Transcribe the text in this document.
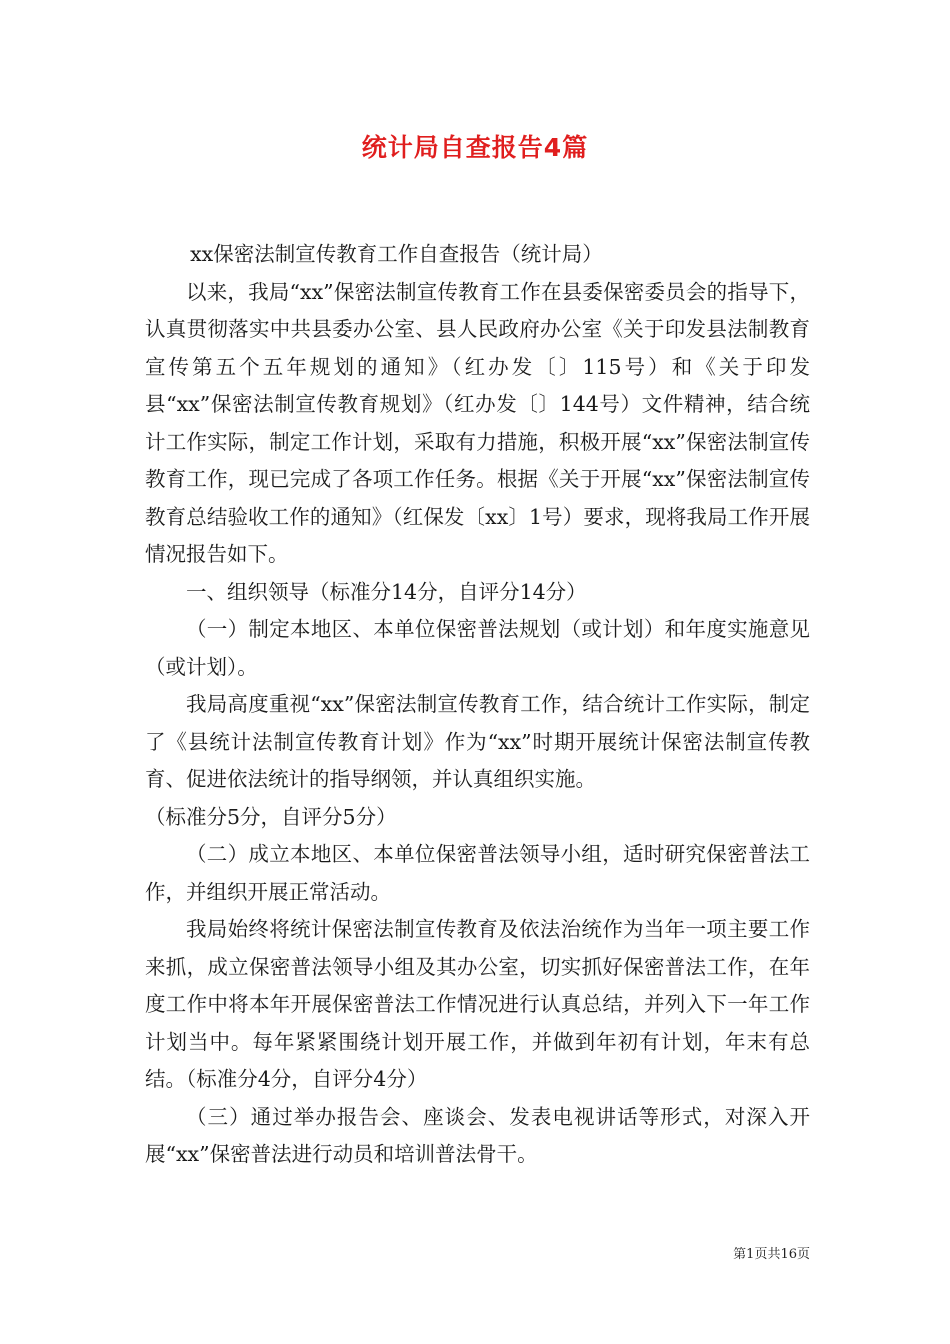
统计局自查报告4篇

xx保密法制宣传教育工作自查报告（统计局）

以来，我局“xx”保密法制宣传教育工作在县委保密委员会的指导下，认真贯彻落实中共县委办公室、县人民政府办公室《关于印发县法制教育宣传第五个五年规划的通知》（红办发〔〕115号）和《关于印发县“xx”保密法制宣传教育规划》（红办发〔〕144号）文件精神，结合统计工作实际，制定工作计划，采取有力措施，积极开展“xx”保密法制宣传教育工作，现已完成了各项工作任务。根据《关于开展“xx”保密法制宣传教育总结验收工作的通知》（红保发〔xx〕1号）要求，现将我局工作开展情况报告如下。

一、组织领导（标准分14分，自评分14分）

（一）制定本地区、本单位保密普法规划（或计划）和年度实施意见（或计划）。

我局高度重视“xx”保密法制宣传教育工作，结合统计工作实际，制定了《县统计法制宣传教育计划》作为“xx”时期开展统计保密法制宣传教育、促进依法统计的指导纲领，并认真组织实施。

（标准分5分，自评分5分）

（二）成立本地区、本单位保密普法领导小组，适时研究保密普法工作，并组织开展正常活动。

我局始终将统计保密法制宣传教育及依法治统作为当年一项主要工作来抓，成立保密普法领导小组及其办公室，切实抓好保密普法工作，在年度工作中将本年开展保密普法工作情况进行认真总结，并列入下一年工作计划当中。每年紧紧围绕计划开展工作，并做到年初有计划，年末有总结。（标准分4分，自评分4分）

（三）通过举办报告会、座谈会、发表电视讲话等形式，对深入开展“xx”保密普法进行动员和培训普法骨干。

第1页共16页
